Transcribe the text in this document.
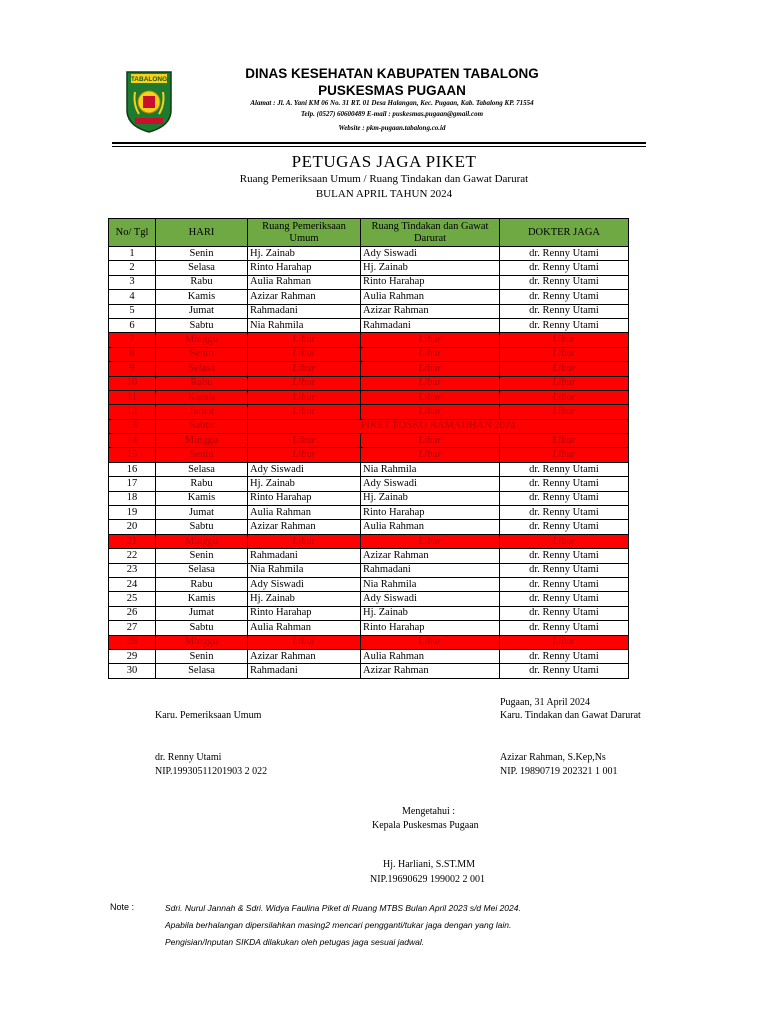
TABALONG	DINAS KESEHATAN KABUPATEN TABALONG
PUSKESMAS PUGAAN
Alamat : Jl. A. Yani KM 06 No. 31 RT. 01 Desa Halangan, Kec. Pugaan, Kab. Tabalong KP. 71554
Telp. (0527) 60600489 E-mail : puskesmas.pugaan@gmail.com
Website : pkm-pugaan.tabalong.co.id
PETUGAS JAGA PIKET
Ruang Pemeriksaan Umum / Ruang Tindakan dan Gawat Darurat
BULAN APRIL TAHUN 2024
No/ Tgl	HARI	Ruang Pemeriksaan Umum	Ruang Tindakan dan Gawat Darurat	DOKTER JAGA
1	Senin	Hj. Zainab	Ady Siswadi	dr. Renny Utami
2	Selasa	Rinto Harahap	Hj. Zainab	dr. Renny Utami
3	Rabu	Aulia Rahman	Rinto Harahap	dr. Renny Utami
4	Kamis	Azizar Rahman	Aulia Rahman	dr. Renny Utami
5	Jumat	Rahmadani	Azizar Rahman	dr. Renny Utami
6	Sabtu	Nia Rahmila	Rahmadani	dr. Renny Utami
7	Minggu	Libur	Libur	Libur
8	Senin	Libur	Libur	Libur
9	Selasa	Libur	Libur	Libur
10	Rabu	Libur	Libur	Libur
11	Kamis	Libur	Libur	Libur
12	Jumat	Libur	Libur	Libur
13	Sabtu	PIKET POSKO RAMADHAN 2024		
14	Minggu	Libur	Libur	Libur
15	Senin	Libur	Libur	Libur
16	Selasa	Ady Siswadi	Nia Rahmila	dr. Renny Utami
17	Rabu	Hj. Zainab	Ady Siswadi	dr. Renny Utami
18	Kamis	Rinto Harahap	Hj. Zainab	dr. Renny Utami
19	Jumat	Aulia Rahman	Rinto Harahap	dr. Renny Utami
20	Sabtu	Azizar Rahman	Aulia Rahman	dr. Renny Utami
21	Minggu	Libur	Libur	Libur
22	Senin	Rahmadani	Azizar Rahman	dr. Renny Utami
23	Selasa	Nia Rahmila	Rahmadani	dr. Renny Utami
24	Rabu	Ady Siswadi	Nia Rahmila	dr. Renny Utami
25	Kamis	Hj. Zainab	Ady Siswadi	dr. Renny Utami
26	Jumat	Rinto Harahap	Hj. Zainab	dr. Renny Utami
27	Sabtu	Aulia Rahman	Rinto Harahap	dr. Renny Utami
28	Minggu	Libur	Libur	Libur
29	Senin	Azizar Rahman	Aulia Rahman	dr. Renny Utami
30	Selasa	Rahmadani	Azizar Rahman	dr. Renny Utami
Pugaan, 31 April 2024
Karu. Pemeriksaan Umum	Karu. Tindakan dan Gawat Darurat
dr. Renny Utami
NIP.19930511201903 2 022
Azizar Rahman, S.Kep,Ns
NIP. 19890719 202321 1 001
Mengetahui :
Kepala Puskesmas Pugaan
Hj. Harliani, S.ST.MM
NIP.19690629 199002 2 001
Note :	Sdri. Nurul Jannah & Sdri. Widya Faulina Piket di Ruang MTBS Bulan April 2023 s/d Mei 2024.
Apabila berhalangan dipersilahkan masing2 mencari pengganti/tukar jaga dengan yang lain.
Pengisian/Inputan SIKDA dilakukan oleh petugas jaga sesuai jadwal.
